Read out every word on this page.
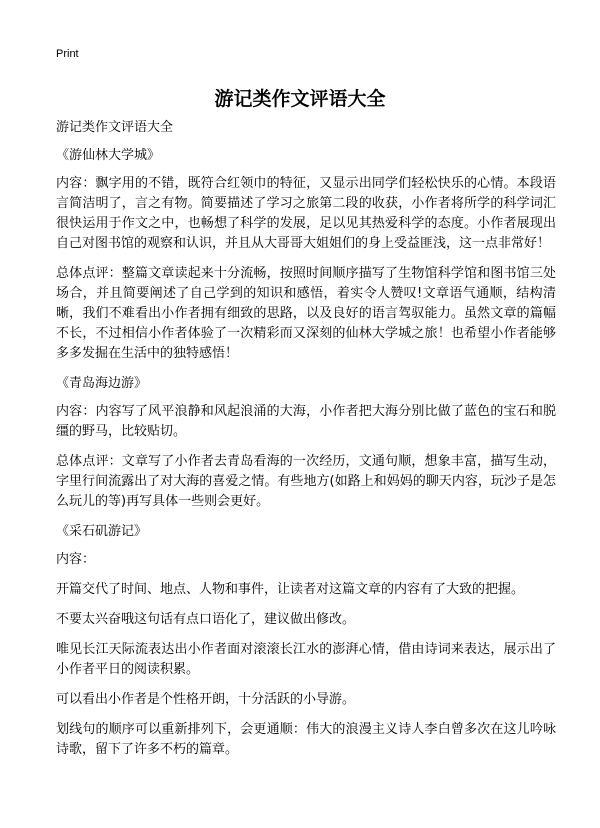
Print
游记类作文评语大全

游记类作文评语大全

《游仙林大学城》

内容：飘字用的不错，既符合红领巾的特征，又显示出同学们轻松快乐的心情。本段语言简洁明了，言之有物。简要描述了学习之旅第二段的收获，小作者将所学的科学词汇很快运用于作文之中，也畅想了科学的发展，足以见其热爱科学的态度。小作者展现出自己对图书馆的观察和认识，并且从大哥哥大姐姐们的身上受益匪浅，这一点非常好！

总体点评：整篇文章读起来十分流畅，按照时间顺序描写了生物馆科学馆和图书馆三处场合，并且简要阐述了自己学到的知识和感悟，着实令人赞叹!文章语气通顺，结构清晰，我们不难看出小作者拥有细致的思路，以及良好的语言驾驭能力。虽然文章的篇幅不长，不过相信小作者体验了一次精彩而又深刻的仙林大学城之旅！也希望小作者能够多多发掘在生活中的独特感悟！

《青岛海边游》

内容：内容写了风平浪静和风起浪涌的大海，小作者把大海分别比做了蓝色的宝石和脱缰的野马，比较贴切。

总体点评：文章写了小作者去青岛看海的一次经历，文通句顺，想象丰富，描写生动，字里行间流露出了对大海的喜爱之情。有些地方(如路上和妈妈的聊天内容，玩沙子是怎么玩儿的等)再写具体一些则会更好。

《采石矶游记》

内容：

开篇交代了时间、地点、人物和事件，让读者对这篇文章的内容有了大致的把握。

不要太兴奋哦这句话有点口语化了，建议做出修改。

唯见长江天际流表达出小作者面对滚滚长江水的澎湃心情，借由诗词来表达，展示出了小作者平日的阅读积累。

可以看出小作者是个性格开朗，十分活跃的小导游。

划线句的顺序可以重新排列下，会更通顺：伟大的浪漫主义诗人李白曾多次在这儿吟咏诗歌，留下了许多不朽的篇章。
